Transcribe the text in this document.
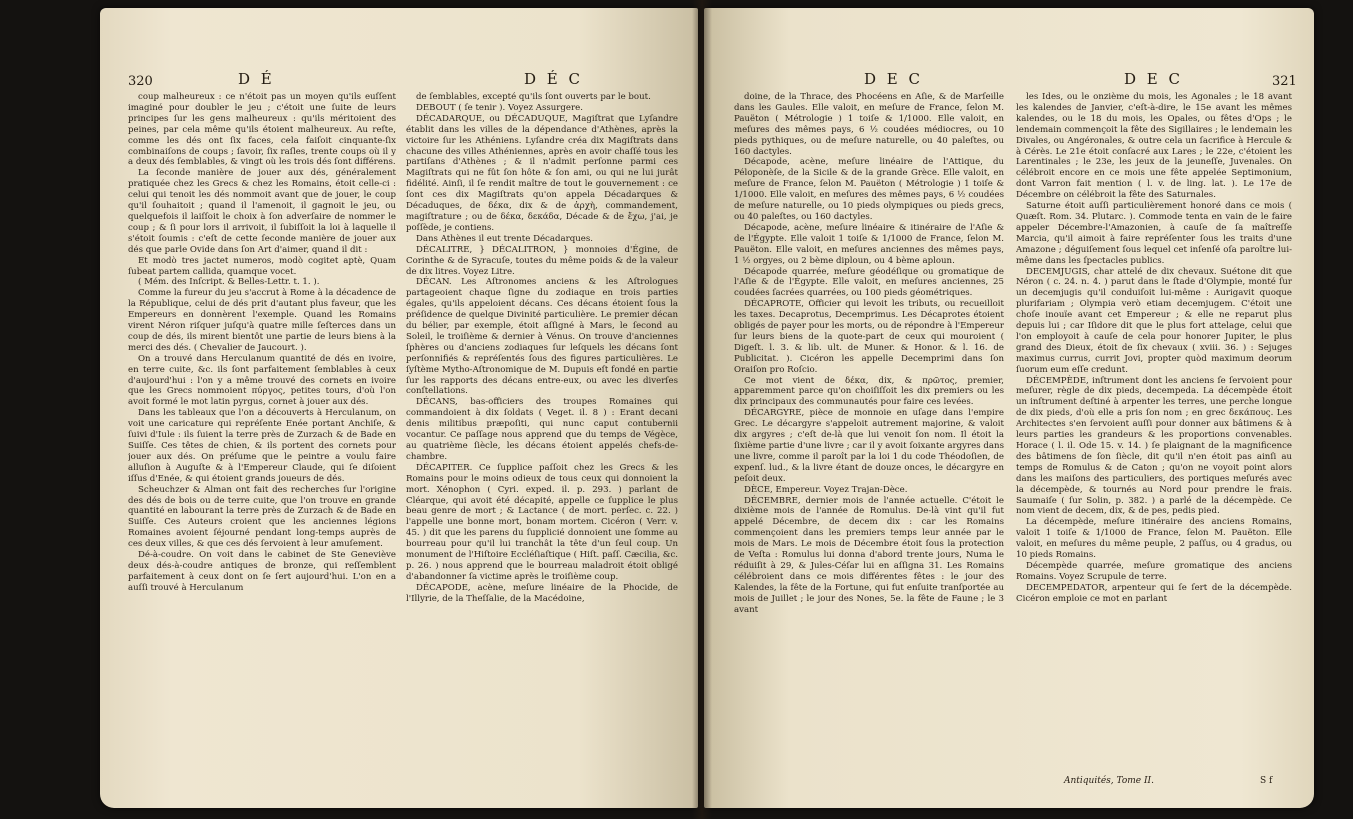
320	D É	D É C

coup malheureux : ce n'étoit pas un moyen qu'ils euſſent imaginé pour doubler le jeu ; c'étoit une ſuite de leurs principes ſur les gens malheureux : qu'ils méritoient des peines, par cela même qu'ils étoient malheureux. Au reſte, comme les dés ont ſix faces, cela faiſoit cinquante-ſix combinaiſons de coups ; ſavoir, ſix raſles, trente coups où il y a deux dés ſemblables, & vingt où les trois dés ſont différens.

La ſeconde manière de jouer aux dés, généralement pratiquée chez les Grecs & chez les Romains, étoit celle-ci : celui qui tenoit les dés nommoit avant que de jouer, le coup qu'il ſouhaitoit ; quand il l'amenoit, il gagnoit le jeu, ou quelquefois il laiſſoit le choix à ſon adverſaire de nommer le coup ; & ſi pour lors il arrivoit, il ſubiſſoit la loi à laquelle il s'étoit ſoumis : c'eſt de cette ſeconde manière de jouer aux dés que parle Ovide dans ſon Art d'aimer, quand il dit :

Et modò tres jactet numeros, modò cogitet aptè, Quam ſubeat partem callida, quamque vocet.

( Mém. des Inſcript. & Belles-Lettr. t. 1. ).

Comme la fureur du jeu s'accrut à Rome à la décadence de la République, celui de dés prit d'autant plus faveur, que les Empereurs en donnèrent l'exemple. Quand les Romains virent Néron riſquer juſqu'à quatre mille ſeſterces dans un coup de dés, ils mirent bientôt une partie de leurs biens à la merci des dés. ( Chevalier de Jaucourt. ).

On a trouvé dans Herculanum quantité de dés en ivoire, en terre cuite, &c. ils ſont parfaitement ſemblables à ceux d'aujourd'hui : l'on y a même trouvé des cornets en ivoire que les Grecs nommoient πύργος, petites tours, d'où l'on avoit formé le mot latin pyrgus, cornet à jouer aux dés.

Dans les tableaux que l'on a découverts à Herculanum, on voit une caricature qui repréſente Enée portant Anchiſe, & ſuivi d'Iule : ils ſuient la terre près de Zurzach & de Bade en Suiſſe. Ces têtes de chien, & ils portent des cornets pour jouer aux dés. On préſume que le peintre a voulu faire alluſion à Auguſte & à l'Empereur Claude, qui ſe diſoient iſſus d'Enée, & qui étoient grands joueurs de dés.

Scheuchzer & Alman ont fait des recherches ſur l'origine des dés de bois ou de terre cuite, que l'on trouve en grande quantité en labourant la terre près de Zurzach & de Bade en Suiſſe. Ces Auteurs croient que les anciennes légions Romaines avoient ſéjourné pendant long-temps auprès de ces deux villes, & que ces dés ſervoient à leur amuſement.

Dé-à-coudre. On voit dans le cabinet de Ste Geneviève deux dés-à-coudre antiques de bronze, qui reſſemblent parfaitement à ceux dont on ſe ſert aujourd'hui. L'on en a auſſi trouvé à Herculanum

de ſemblables, excepté qu'ils ſont ouverts par le bout.

DEBOUT ( ſe tenir ). Voyez Assurgere.

DÉCADARQUE, ou DÉCADUQUE, Magiſtrat que Lyſandre établit dans les villes de la dépendance d'Athènes, après la victoire ſur les Athéniens. Lyſandre créa dix Magiſtrats dans chacune des villes Athéniennes, après en avoir chaſſé tous les partiſans d'Athènes ; & il n'admit perſonne parmi ces Magiſtrats qui ne fût ſon hôte & ſon ami, ou qui ne lui jurât fidélité. Ainſi, il ſe rendit maître de tout le gouvernement : ce ſont ces dix Magiſtrats qu'on appela Décadarques & Décaduques, de δέκα, dix & de ἀρχὴ, commandement, magiſtrature ; ou de δέκα, δεκάδα, Décade & de ἔχω, j'ai, je poſſède, je contiens.

Dans Athènes il eut trente Décadarques.

DÉCALITRE, } DÉCALITRON, } monnoies d'Égine, de Corinthe & de Syracuſe, toutes du même poids & de la valeur de dix litres. Voyez Litre.

DÉCAN. Les Aſtronomes anciens & les Aſtrologues partageoient chaque ſigne du zodiaque en trois parties égales, qu'ils appeloient décans. Ces décans étoient ſous la préſidence de quelque Divinité particulière. Le premier décan du bélier, par exemple, étoit aſſigné à Mars, le ſecond au Soleil, le troiſième & dernier à Vénus. On trouve d'anciennes ſphères ou d'anciens zodiaques ſur leſquels les décans ſont perſonnifiés & repréſentés ſous des figures particulières. Le ſyſtème Mytho-Aſtronomique de M. Dupuis eſt fondé en partie ſur les rapports des décans entre-eux, ou avec les diverſes conſtellations.

DÉCANS, bas-officiers des troupes Romaines qui commandoient à dix ſoldats ( Veget. il. 8 ) : Erant decani denis militibus præpoſiti, qui nunc caput contubernii vocantur. Ce paſſage nous apprend que du temps de Végèce, au quatrième ſiècle, les décans étoient appelés chefs-de-chambre.

DÉCAPITER. Ce ſupplice paſſoit chez les Grecs & les Romains pour le moins odieux de tous ceux qui donnoient la mort. Xénophon ( Cyri. exped. il. p. 293. ) parlant de Cléarque, qui avoit été décapité, appelle ce ſupplice le plus beau genre de mort ; & Lactance ( de mort. perſec. c. 22. ) l'appelle une bonne mort, bonam mortem. Cicéron ( Verr. v. 45. ) dit que les parens du ſupplicié donnoient une ſomme au bourreau pour qu'il lui tranchât la tête d'un ſeul coup. Un monument de l'Hiſtoire Eccléſiaſtique ( Hiſt. paſſ. Cæcilia, &c. p. 26. ) nous apprend que le bourreau maladroit étoit obligé d'abandonner ſa victime après le troiſième coup.

DÉCAPODE, acène, meſure linéaire de la Phocide, de l'Illyrie, de la Theſſalie, de la Macédoine,

D E C	D E C	321

doine, de la Thrace, des Phocéens en Aſie, & de Marſeille dans les Gaules. Elle valoit, en meſure de France, ſelon M. Pauëton ( Métrologie ) 1 toiſe & 1/1000. Elle valoit, en meſures des mêmes pays, 6 ½ coudées médiocres, ou 10 pieds pythiques, ou de meſure naturelle, ou 40 paleſtes, ou 160 dactyles.

Décapode, acène, meſure linéaire de l'Attique, du Péloponèſe, de la Sicile & de la grande Grèce. Elle valoit, en meſure de France, ſelon M. Pauëton ( Métrologie ) 1 toiſe & 1/1000. Elle valoit, en meſures des mêmes pays, 6 ½ coudées de meſure naturelle, ou 10 pieds olympiques ou pieds grecs, ou 40 paleſtes, ou 160 dactyles.

Décapode, acène, meſure linéaire & itinéraire de l'Aſie & de l'Égypte. Elle valoit 1 toiſe & 1/1000 de France, ſelon M. Pauëton. Elle valoit, en meſures anciennes des mêmes pays, 1 ½ orgyes, ou 2 bème diploun, ou 4 bème aploun.

Décapode quarrée, meſure géodéſique ou gromatique de l'Aſie & de l'Égypte. Elle valoit, en meſures anciennes, 25 coudées ſacrées quarrées, ou 100 pieds géométriques.

DÉCAPROTE, Officier qui levoit les tributs, ou recueilloit les taxes. Decaprotus, Decemprimus. Les Décaprotes étoient obligés de payer pour les morts, ou de répondre à l'Empereur ſur leurs biens de la quote-part de ceux qui mouroient ( Digeſt. l. 3. & lib. ult. de Muner. & Honor. & l. 16. de Publicitat. ). Cicéron les appelle Decemprimi dans ſon Oraiſon pro Roſcio.

Ce mot vient de δέκα, dix, & πρῶτος, premier, apparemment parce qu'on choiſiſſoit les dix premiers ou les dix principaux des communautés pour faire ces levées.

DÉCARGYRE, pièce de monnoie en uſage dans l'empire Grec. Le décargyre s'appeloit autrement majorine, & valoit dix argyres ; c'eſt de-là que lui venoit ſon nom. Il étoit la ſixième partie d'une livre ; car il y avoit ſoixante argyres dans une livre, comme il paroît par la loi 1 du code Théodoſien, de expenſ. lud., & la livre étant de douze onces, le décargyre en peſoit deux.

DÈCE, Empereur. Voyez Trajan-Dèce.

DÉCEMBRE, dernier mois de l'année actuelle. C'étoit le dixième mois de l'année de Romulus. De-là vint qu'il fut appelé Décembre, de decem dix : car les Romains commençoient dans les premiers temps leur année par le mois de Mars. Le mois de Décembre étoit ſous la protection de Veſta : Romulus lui donna d'abord trente jours, Numa le réduiſit à 29, & Jules-Céſar lui en aſſigna 31. Les Romains célébroient dans ce mois différentes fêtes : le jour des Kalendes, la fête de la Fortune, qui fut enſuite tranſportée au mois de Juillet ; le jour des Nones, 5e. la fête de Faune ; le 3 avant

les Ides, ou le onzième du mois, les Agonales ; le 18 avant les kalendes de Janvier, c'eſt-à-dire, le 15e avant les mêmes kalendes, ou le 18 du mois, les Opales, ou fêtes d'Ops ; le lendemain commençoit la fête des Sigillaires ; le lendemain les Divales, ou Angéronales, & outre cela un ſacrifice à Hercule & à Cérès. Le 21e étoit conſacré aux Lares ; le 22e, c'étoient les Larentinales ; le 23e, les jeux de la jeuneſſe, Juvenales. On célébroit encore en ce mois une fête appelée Septimonium, dont Varron fait mention ( l. v. de ling. lat. ). Le 17e de Décembre on célébroit la fête des Saturnales.

Saturne étoit auſſi particulièrement honoré dans ce mois ( Quæſt. Rom. 34. Plutarc. ). Commode tenta en vain de le faire appeler Décembre-l'Amazonien, à cauſe de ſa maîtreſſe Marcia, qu'il aimoit à faire repréſenter ſous les traits d'une Amazone ; déguiſement ſous lequel cet inſenſé oſa paroître lui-même dans les ſpectacles publics.

DECEMJUGIS, char attelé de dix chevaux. Suétone dit que Néron ( c. 24. n. 4. ) parut dans le ſtade d'Olympie, monté ſur un decemjugis qu'il conduiſoit lui-même : Aurigavit quoque plurifariam ; Olympia verò etiam decemjugem. C'étoit une choſe inouïe avant cet Empereur ; & elle ne reparut plus depuis lui ; car Iſidore dit que le plus fort attelage, celui que l'on employoit à cauſe de cela pour honorer Jupiter, le plus grand des Dieux, étoit de ſix chevaux ( xviii. 36. ) : Sejuges maximus currus, currit Jovi, propter quòd maximum deorum ſuorum eum eſſe credunt.

DÉCEMPÈDE, inſtrument dont les anciens ſe ſervoient pour meſurer, règle de dix pieds, decempeda. La décempède étoit un inſtrument deſtiné à arpenter les terres, une perche longue de dix pieds, d'où elle a pris ſon nom ; en grec δεκάπους. Les Architectes s'en ſervoient auſſi pour donner aux bâtimens & à leurs parties les grandeurs & les proportions convenables. Horace ( l. il. Ode 15. v. 14. ) ſe plaignant de la magnificence des bâtimens de ſon ſiècle, dit qu'il n'en étoit pas ainſi au temps de Romulus & de Caton ; qu'on ne voyoit point alors dans les maiſons des particuliers, des portiques meſurés avec la décempède, & tournés au Nord pour prendre le frais. Saumaiſe ( ſur Solin, p. 382. ) a parlé de la décempède. Ce nom vient de decem, dix, & de pes, pedis pied.

La décempède, meſure itinéraire des anciens Romains, valoit 1 toiſe & 1/1000 de France, ſelon M. Pauëton. Elle valoit, en meſures du même peuple, 2 paſſus, ou 4 gradus, ou 10 pieds Romains.

Décempède quarrée, meſure gromatique des anciens Romains. Voyez Scrupule de terre.

DECEMPEDATOR, arpenteur qui ſe ſert de la décempède. Cicéron emploie ce mot en parlant

Antiquités, Tome II.	S f
